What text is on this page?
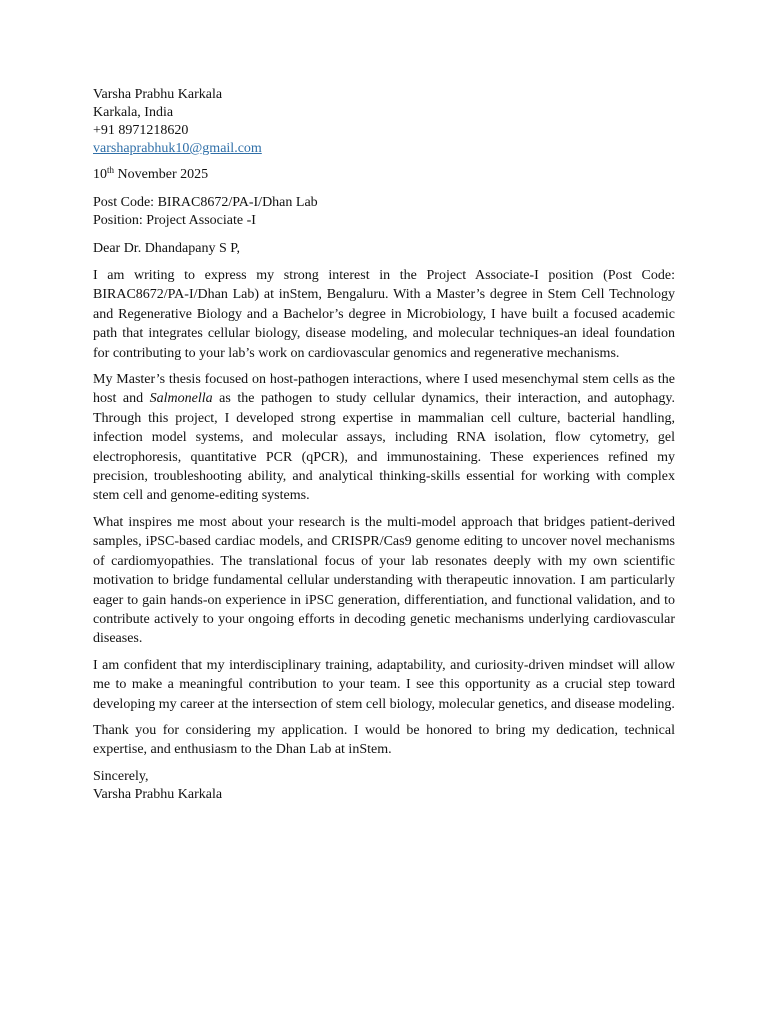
Varsha Prabhu Karkala
Karkala, India
+91 8971218620
varshaprabhuk10@gmail.com
10th November 2025
Post Code: BIRAC8672/PA-I/Dhan Lab
Position: Project Associate -I
Dear Dr. Dhandapany S P,

I am writing to express my strong interest in the Project Associate-I position (Post Code: BIRAC8672/PA-I/Dhan Lab) at inStem, Bengaluru. With a Master’s degree in Stem Cell Technology and Regenerative Biology and a Bachelor’s degree in Microbiology, I have built a focused academic path that integrates cellular biology, disease modeling, and molecular techniques-an ideal foundation for contributing to your lab’s work on cardiovascular genomics and regenerative mechanisms.

My Master’s thesis focused on host-pathogen interactions, where I used mesenchymal stem cells as the host and Salmonella as the pathogen to study cellular dynamics, their interaction, and autophagy. Through this project, I developed strong expertise in mammalian cell culture, bacterial handling, infection model systems, and molecular assays, including RNA isolation, flow cytometry, gel electrophoresis, quantitative PCR (qPCR), and immunostaining. These experiences refined my precision, troubleshooting ability, and analytical thinking-skills essential for working with complex stem cell and genome-editing systems.

What inspires me most about your research is the multi-model approach that bridges patient-derived samples, iPSC-based cardiac models, and CRISPR/Cas9 genome editing to uncover novel mechanisms of cardiomyopathies. The translational focus of your lab resonates deeply with my own scientific motivation to bridge fundamental cellular understanding with therapeutic innovation. I am particularly eager to gain hands-on experience in iPSC generation, differentiation, and functional validation, and to contribute actively to your ongoing efforts in decoding genetic mechanisms underlying cardiovascular diseases.

I am confident that my interdisciplinary training, adaptability, and curiosity-driven mindset will allow me to make a meaningful contribution to your team. I see this opportunity as a crucial step toward developing my career at the intersection of stem cell biology, molecular genetics, and disease modeling.

Thank you for considering my application. I would be honored to bring my dedication, technical expertise, and enthusiasm to the Dhan Lab at inStem.

Sincerely,
Varsha Prabhu Karkala
